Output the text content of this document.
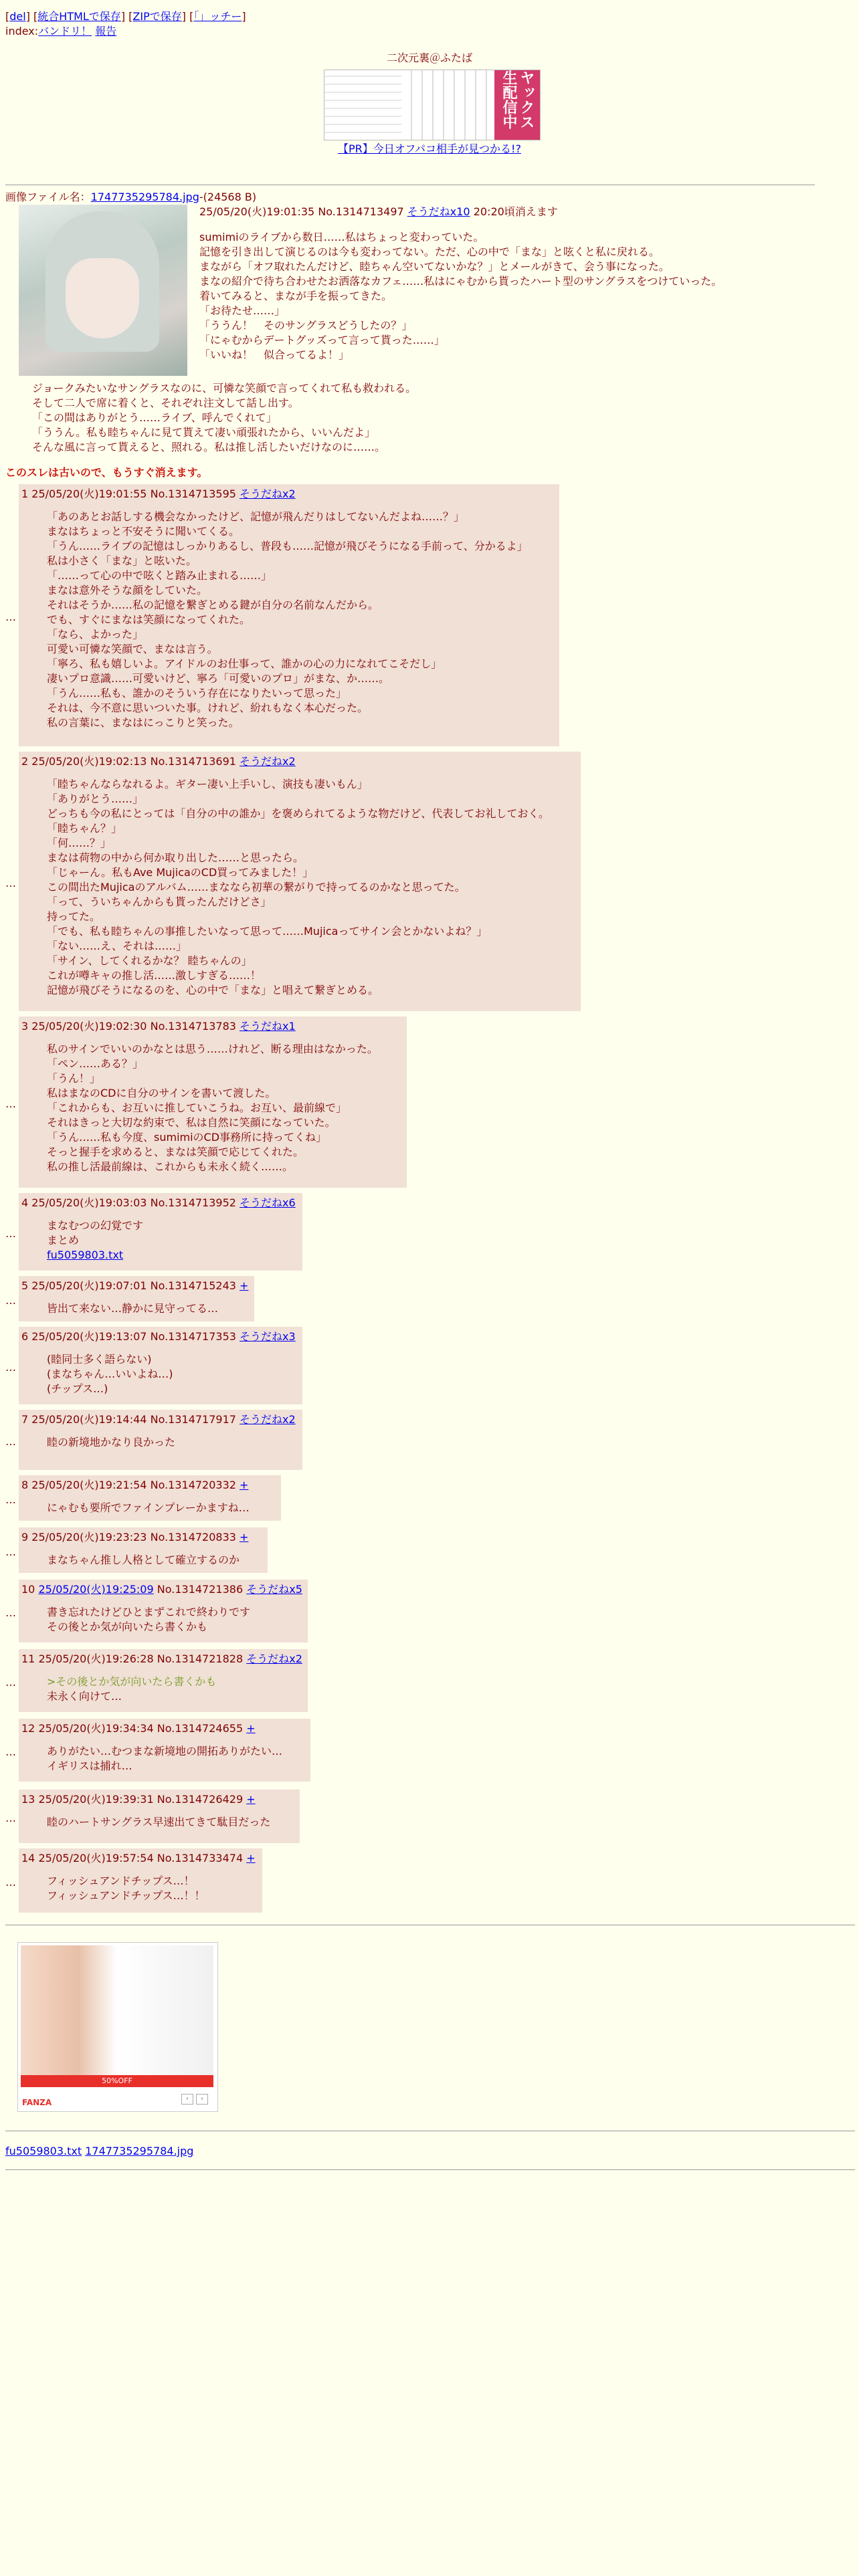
[del] [統合HTMLで保存] [ZIPで保存] [「」ッチー]
index:バンドリ！ 報告
二次元裏＠ふたば
ヤックス生配信中
【PR】今日オフパコ相手が見つかる!?
画像ファイル名：1747735295784.jpg-(24568 B)
25/05/20(火)19:01:35 No.1314713497 そうだねx10 20:20頃消えます
sumimiのライブから数日……私はちょっと変わっていた。
記憶を引き出して演じるのは今も変わってない。ただ、心の中で「まな」と呟くと私に戻れる。
まながら「オフ取れたんだけど、睦ちゃん空いてないかな？」とメールがきて、会う事になった。
まなの紹介で待ち合わせたお洒落なカフェ……私はにゃむから貰ったハート型のサングラスをつけていった。
着いてみると、まなが手を振ってきた。
「お待たせ……」
「ううん！　そのサングラスどうしたの？」
「にゃむからデートグッズって言って貰った……」
「いいね！　似合ってるよ！」
ジョークみたいなサングラスなのに、可憐な笑顔で言ってくれて私も救われる。
そして二人で席に着くと、それぞれ注文して話し出す。
「この間はありがとう……ライブ、呼んでくれて」
「ううん。私も睦ちゃんに見て貰えて凄い頑張れたから、いいんだよ」
そんな風に言って貰えると、照れる。私は推し活したいだけなのに……。
このスレは古いので、もうすぐ消えます。
…
1 25/05/20(火)19:01:55 No.1314713595 そうだねx2
「あのあとお話しする機会なかったけど、記憶が飛んだりはしてないんだよね……？」
まなはちょっと不安そうに聞いてくる。
「うん……ライブの記憶はしっかりあるし、普段も……記憶が飛びそうになる手前って、分かるよ」
私は小さく「まな」と呟いた。
「……って心の中で呟くと踏み止まれる……」
まなは意外そうな顔をしていた。
それはそうか……私の記憶を繋ぎとめる鍵が自分の名前なんだから。
でも、すぐにまなは笑顔になってくれた。
「なら、よかった」
可愛い可憐な笑顔で、まなは言う。
「寧ろ、私も嬉しいよ。アイドルのお仕事って、誰かの心の力になれてこそだし」
凄いプロ意識……可愛いけど、寧ろ「可愛いのプロ」がまな、か……。
「うん……私も、誰かのそういう存在になりたいって思った」
それは、今不意に思いついた事。けれど、紛れもなく本心だった。
私の言葉に、まなはにっこりと笑った。
…
2 25/05/20(火)19:02:13 No.1314713691 そうだねx2
「睦ちゃんならなれるよ。ギター凄い上手いし、演技も凄いもん」
「ありがとう……」
どっちも今の私にとっては「自分の中の誰か」を褒められてるような物だけど、代表してお礼しておく。
「睦ちゃん？」
「何……？」
まなは荷物の中から何か取り出した……と思ったら。
「じゃーん。私もAve MujicaのCD買ってみました！」
この間出たMujicaのアルバム……まななら初華の繋がりで持ってるのかなと思ってた。
「って、ういちゃんからも貰ったんだけどさ」
持ってた。
「でも、私も睦ちゃんの事推したいなって思って……Mujicaってサイン会とかないよね？」
「ない……え、それは……」
「サイン、してくれるかな？ 睦ちゃんの」
これが噂キャの推し活……激しすぎる……！
記憶が飛びそうになるのを、心の中で「まな」と唱えて繋ぎとめる。
…
3 25/05/20(火)19:02:30 No.1314713783 そうだねx1
私のサインでいいのかなとは思う……けれど、断る理由はなかった。
「ペン……ある？」
「うん！」
私はまなのCDに自分のサインを書いて渡した。
「これからも、お互いに推していこうね。お互い、最前線で」
それはきっと大切な約束で、私は自然に笑顔になっていた。
「うん……私も今度、sumimiのCD事務所に持ってくね」
そっと握手を求めると、まなは笑顔で応じてくれた。
私の推し活最前線は、これからも未永く続く……。
…
4 25/05/20(火)19:03:03 No.1314713952 そうだねx6
まなむつの幻覚です
まとめ
fu5059803.txt
…
5 25/05/20(火)19:07:01 No.1314715243 +
皆出て来ない…静かに見守ってる…
…
6 25/05/20(火)19:13:07 No.1314717353 そうだねx3
(睦同士多く語らない)
(まなちゃん…いいよね…)
(チップス…)
…
7 25/05/20(火)19:14:44 No.1314717917 そうだねx2
睦の新境地かなり良かった
…
8 25/05/20(火)19:21:54 No.1314720332 +
にゃむも要所でファインプレーかますね…
…
9 25/05/20(火)19:23:23 No.1314720833 +
まなちゃん推し人格として確立するのか
…
10 25/05/20(火)19:25:09 No.1314721386 そうだねx5
書き忘れたけどひとまずこれで終わりです
その後とか気が向いたら書くかも
…
11 25/05/20(火)19:26:28 No.1314721828 そうだねx2
>その後とか気が向いたら書くかも
未永く向けて…
…
12 25/05/20(火)19:34:34 No.1314724655 +
ありがたい…むつまな新境地の開拓ありがたい…
イギリスは捕れ…
…
13 25/05/20(火)19:39:31 No.1314726429 +
睦のハートサングラス早速出てきて駄目だった
…
14 25/05/20(火)19:57:54 No.1314733474 +
フィッシュアンドチップス…！
フィッシュアンドチップス…！！
50%OFF
FANZA	‹	›
fu5059803.txt 1747735295784.jpg
